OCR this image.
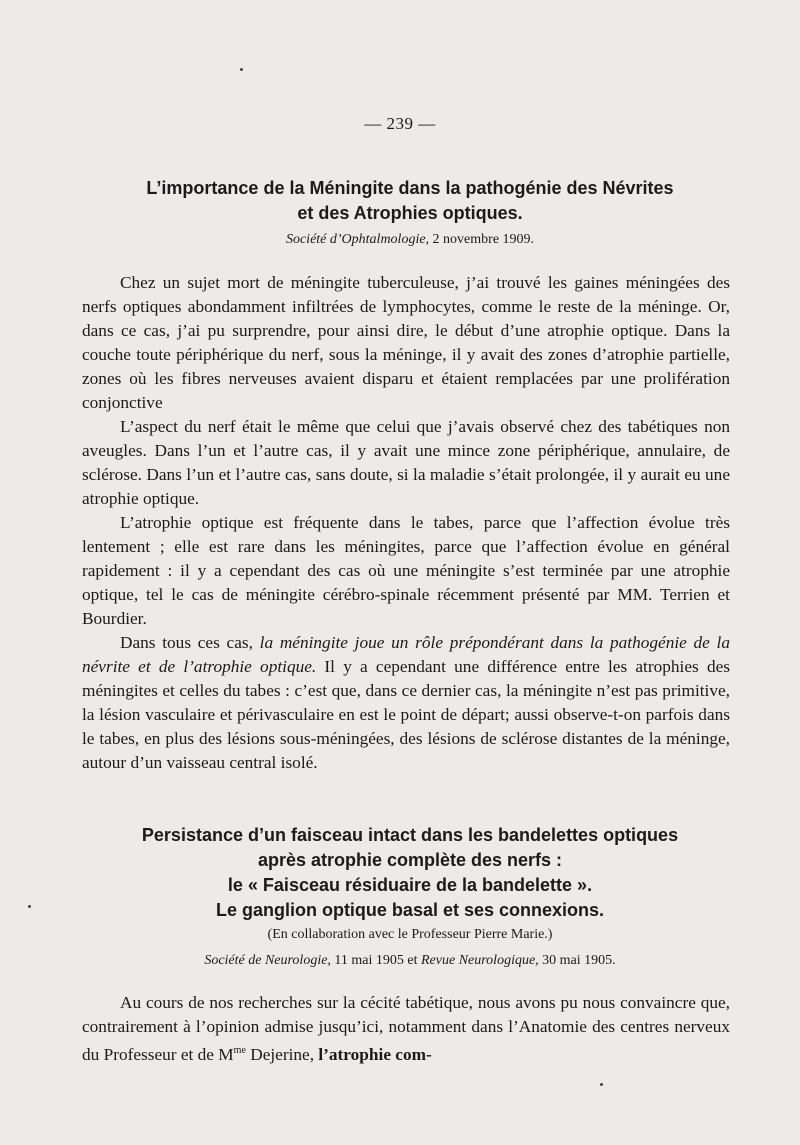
— 239 —
L’importance de la Méningite dans la pathogénie des Névrites
et des Atrophies optiques.

Société d’Ophtalmologie, 2 novembre 1909.

Chez un sujet mort de méningite tuberculeuse, j’ai trouvé les gaines méningées des nerfs optiques abondamment infiltrées de lymphocytes, comme le reste de la méninge. Or, dans ce cas, j’ai pu surprendre, pour ainsi dire, le début d’une atrophie optique. Dans la couche toute périphérique du nerf, sous la méninge, il y avait des zones d’atrophie partielle, zones où les fibres nerveuses avaient disparu et étaient remplacées par une prolifération conjonctive

L’aspect du nerf était le même que celui que j’avais observé chez des tabétiques non aveugles. Dans l’un et l’autre cas, il y avait une mince zone périphérique, annulaire, de sclérose. Dans l’un et l’autre cas, sans doute, si la maladie s’était prolongée, il y aurait eu une atrophie optique.

L’atrophie optique est fréquente dans le tabes, parce que l’affection évolue très lentement ; elle est rare dans les méningites, parce que l’affection évolue en général rapidement : il y a cependant des cas où une méningite s’est terminée par une atrophie optique, tel le cas de méningite cérébro-spinale récemment présenté par MM. Terrien et Bourdier.

Dans tous ces cas, la méningite joue un rôle prépondérant dans la pathogénie de la névrite et de l’atrophie optique. Il y a cependant une différence entre les atrophies des méningites et celles du tabes : c’est que, dans ce dernier cas, la méningite n’est pas primitive, la lésion vasculaire et périvasculaire en est le point de départ; aussi observe-t-on parfois dans le tabes, en plus des lésions sous-méningées, des lésions de sclérose distantes de la méninge, autour d’un vaisseau central isolé.

Persistance d’un faisceau intact dans les bandelettes optiques
après atrophie complète des nerfs :
le « Faisceau résiduaire de la bandelette ».
Le ganglion optique basal et ses connexions.

(En collaboration avec le Professeur Pierre Marie.)

Société de Neurologie, 11 mai 1905 et Revue Neurologique, 30 mai 1905.

Au cours de nos recherches sur la cécité tabétique, nous avons pu nous convaincre que, contrairement à l’opinion admise jusqu’ici, notamment dans l’Anatomie des centres nerveux du Professeur et de $M^{me}$ Dejerine, l’atrophie com-
